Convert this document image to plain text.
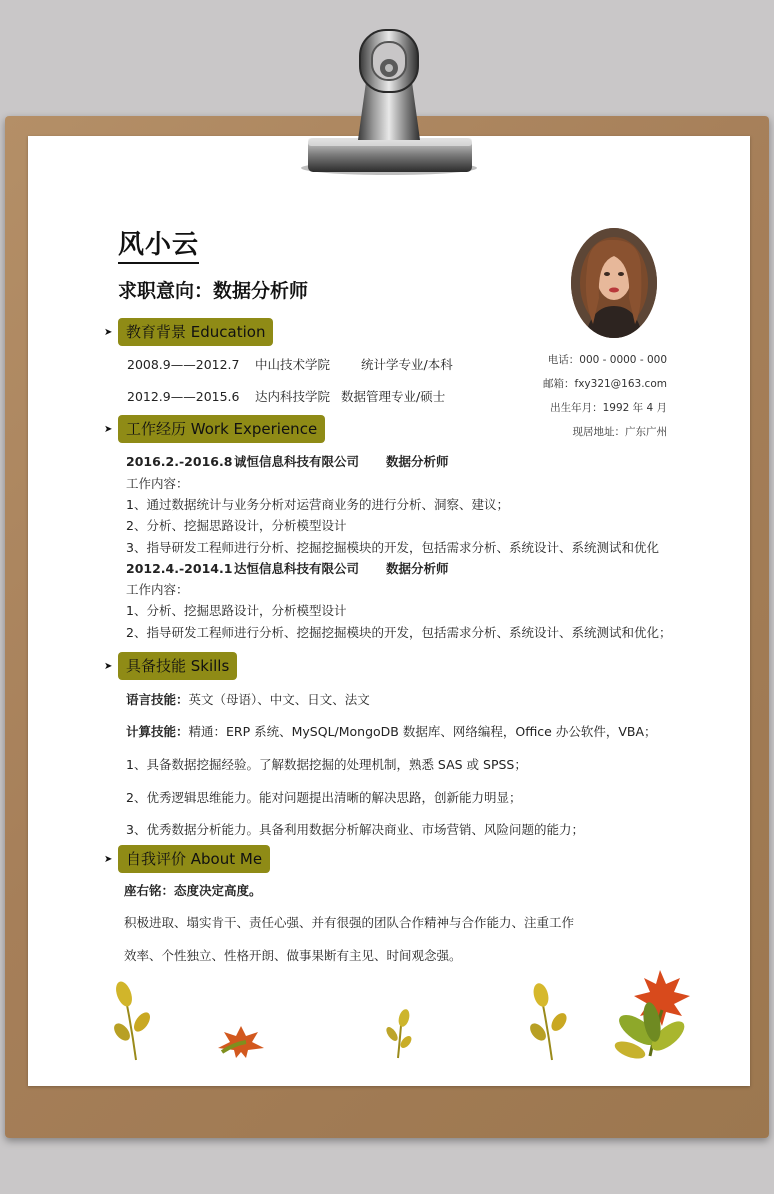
风小云
求职意向：数据分析师
电话：000 - 0000 - 000
邮箱：fxy321@163.com
出生年月：1992 年 4 月
现居地址：广东广州
➤ 教育背景 Education
2008.9——2012.7 中山技术学院 统计学专业/本科
2012.9——2015.6 达内科技学院 数据管理专业/硕士
➤ 工作经历 Work Experience
2016.2.-2016.8 诚恒信息科技有限公司 数据分析师
工作内容：
1、通过数据统计与业务分析对运营商业务的进行分析、洞察、建议；
2、分析、挖掘思路设计，分析模型设计
3、指导研发工程师进行分析、挖掘挖掘模块的开发，包括需求分析、系统设计、系统测试和优化
2012.4.-2014.1 达恒信息科技有限公司 数据分析师
工作内容：
1、分析、挖掘思路设计，分析模型设计
2、指导研发工程师进行分析、挖掘挖掘模块的开发，包括需求分析、系统设计、系统测试和优化；
➤ 具备技能 Skills
语言技能：英文（母语）、中文、日文、法文
计算技能：精通：ERP 系统、MySQL/MongoDB 数据库、网络编程，Office 办公软件，VBA；
1、具备数据挖掘经验。了解数据挖掘的处理机制，熟悉 SAS 或 SPSS；
2、优秀逻辑思维能力。能对问题提出清晰的解决思路，创新能力明显；
3、优秀数据分析能力。具备利用数据分析解决商业、市场营销、风险问题的能力；
➤ 自我评价 About Me
座右铭：态度决定高度。
积极进取、塌实肯干、责任心强、并有很强的团队合作精神与合作能力、注重工作
效率、个性独立、性格开朗、做事果断有主见、时间观念强。
